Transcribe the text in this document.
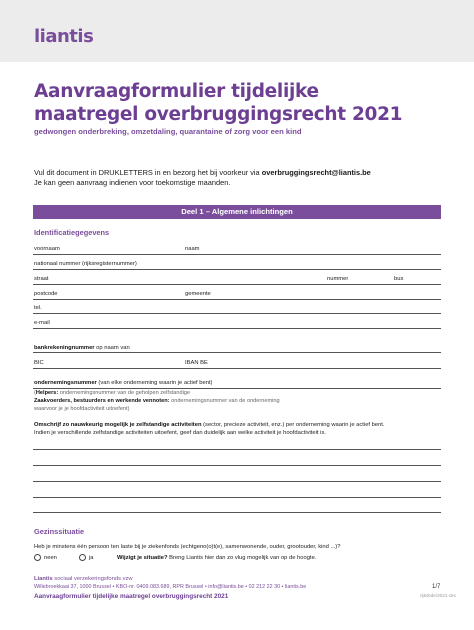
liantis
Aanvraagformulier tijdelijke
maatregel overbruggingsrecht 2021
gedwongen onderbreking, omzetdaling, quarantaine of zorg voor een kind
Vul dit document in DRUKLETTERS in en bezorg het bij voorkeur via overbruggingsrecht@liantis.be
Je kan geen aanvraag indienen voor toekomstige maanden.
Deel 1 – Algemene inlichtingen
Identificatiegegevens
voornaam	naam
nationaal nummer (rijksregisternummer)
straat	nummer	bus
postcode	gemeente
tel.
e-mail
bankrekeningnummer op naam van
BIC	IBAN BE
ondernemingsnummer (van elke onderneming waarin je actief bent)
(Helpers: ondernemingsnummer van de geholpen zelfstandige
Zaakvoerders, bestuurders en werkende vennoten: ondernemingsnummer van de onderneming
waarvoor je je hoofdactiviteit uitoefent)
Omschrijf zo nauwkeurig mogelijk je zelfstandige activiteiten (sector, precieze activiteit, enz.) per onderneming waarin je actief bent.
Indien je verschillende zelfstandige activiteiten uitoefent, geef dan duidelijk aan welke activiteit je hoofdactiviteit is.
Gezinssituatie
Heb je minstens één persoon ten laste bij je ziekenfonds (echtgeno(o)t(e), samenwonende, ouder, grootouder, kind ...)?
neen	ja	Wijzigt je situatie? Breng Liantis hier dan zo vlug mogelijk van op de hoogte.
Liantis sociaal verzekeringsfonds vzw
Willebroekkaai 37, 1000 Brussel • KBO-nr. 0409.083.689, RPR Brussel • info@liantis.be • 02 212 22 30 • liantis.be
Aanvraagformulier tijdelijke maatregel overbruggingsrecht 2021
1/7
rijksbde/2021-cks
